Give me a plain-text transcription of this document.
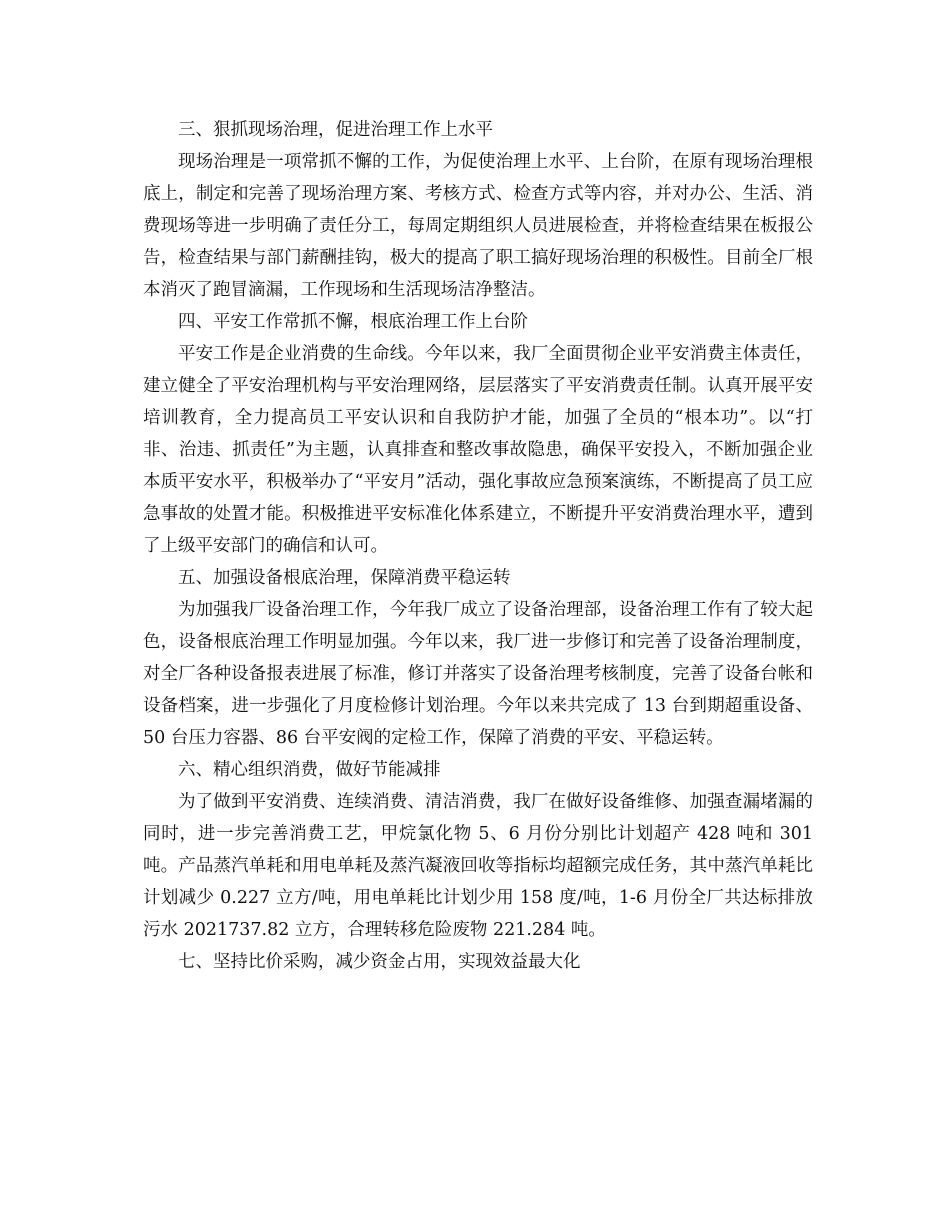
三、狠抓现场治理，促进治理工作上水平

现场治理是一项常抓不懈的工作，为促使治理上水平、上台阶，在原有现场治理根底上，制定和完善了现场治理方案、考核方式、检查方式等内容，并对办公、生活、消费现场等进一步明确了责任分工，每周定期组织人员进展检查，并将检查结果在板报公告，检查结果与部门薪酬挂钩，极大的提高了职工搞好现场治理的积极性。目前全厂根本消灭了跑冒滴漏，工作现场和生活现场洁净整洁。

四、平安工作常抓不懈，根底治理工作上台阶

平安工作是企业消费的生命线。今年以来，我厂全面贯彻企业平安消费主体责任，建立健全了平安治理机构与平安治理网络，层层落实了平安消费责任制。认真开展平安培训教育，全力提高员工平安认识和自我防护才能，加强了全员的“根本功”。以“打非、治违、抓责任”为主题，认真排查和整改事故隐患，确保平安投入，不断加强企业本质平安水平，积极举办了“平安月”活动，强化事故应急预案演练，不断提高了员工应急事故的处置才能。积极推进平安标准化体系建立，不断提升平安消费治理水平，遭到了上级平安部门的确信和认可。

五、加强设备根底治理，保障消费平稳运转

为加强我厂设备治理工作，今年我厂成立了设备治理部，设备治理工作有了较大起色，设备根底治理工作明显加强。今年以来，我厂进一步修订和完善了设备治理制度，对全厂各种设备报表进展了标准，修订并落实了设备治理考核制度，完善了设备台帐和设备档案，进一步强化了月度检修计划治理。今年以来共完成了 13 台到期超重设备、50 台压力容器、86 台平安阀的定检工作，保障了消费的平安、平稳运转。

六、精心组织消费，做好节能减排

为了做到平安消费、连续消费、清洁消费，我厂在做好设备维修、加强查漏堵漏的同时，进一步完善消费工艺，甲烷氯化物 5、6 月份分别比计划超产 428 吨和 301 吨。产品蒸汽单耗和用电单耗及蒸汽凝液回收等指标均超额完成任务，其中蒸汽单耗比计划减少 0.227 立方/吨，用电单耗比计划少用 158 度/吨，1-6 月份全厂共达标排放污水 2021737.82 立方，合理转移危险废物 221.284 吨。

七、坚持比价采购，减少资金占用，实现效益最大化
